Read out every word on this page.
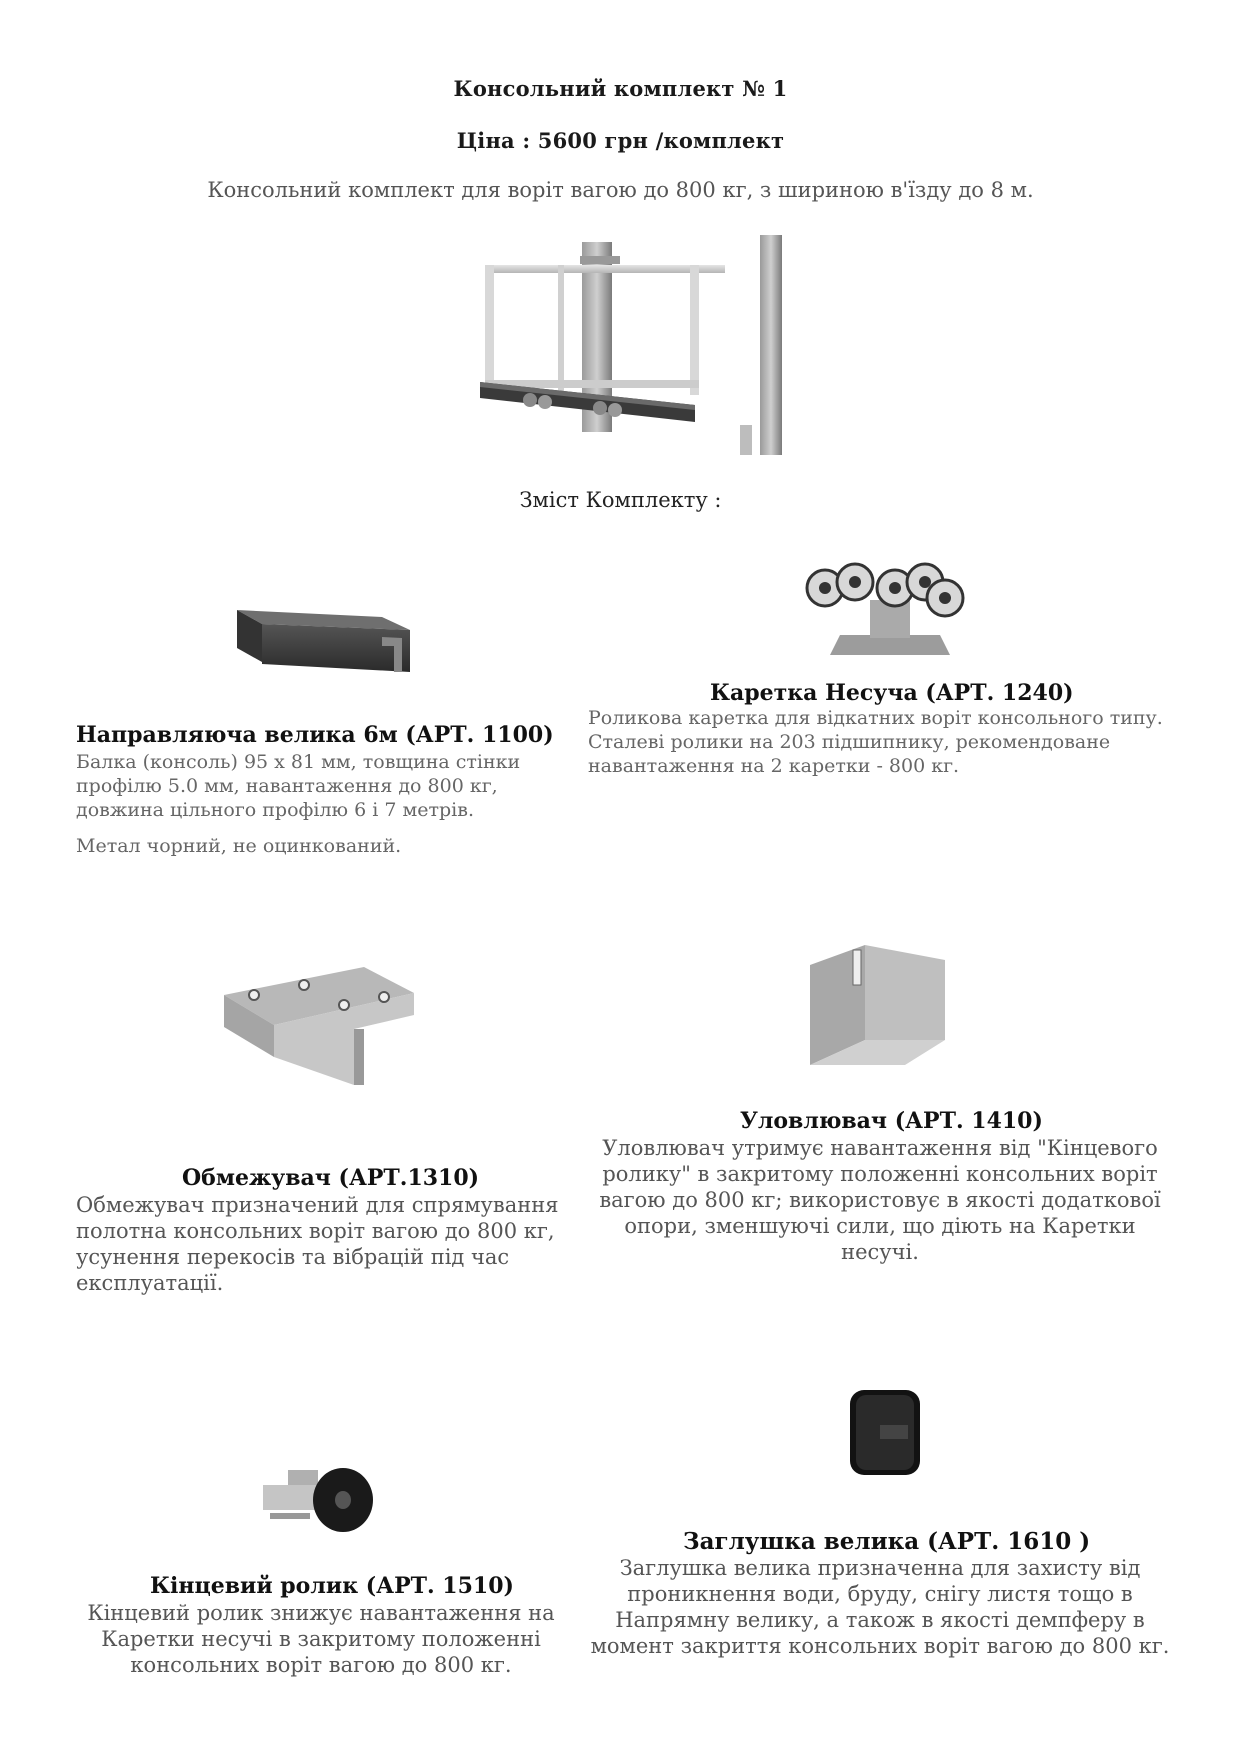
Консольний комплект № 1
Ціна : 5600 грн /комплект
Консольний комплект для воріт вагою до 800 кг, з шириною в'їзду до 8 м.
Зміст Комплекту :
Направляюча велика 6м (АРТ. 1100)
Балка (консоль) 95 х 81 мм, товщина стінки
профілю 5.0 мм, навантаження до 800 кг,
довжина цільного профілю 6 і 7 метрів.
Метал чорний, не оцинкований.
Каретка Несуча (АРТ. 1240)
Роликова каретка для відкатних воріт консольного типу.
Сталеві ролики на 203 підшипнику, рекомендоване
навантаження на 2 каретки - 800 кг.
Обмежувач (АРТ.1310)
Обмежувач призначений для спрямування
полотна консольних воріт вагою до 800 кг,
усунення перекосів та вібрацій під час
експлуатації.
Уловлювач (АРТ. 1410)
Уловлювач утримує навантаження від "Кінцевого
ролику" в закритому положенні консольних воріт
вагою до 800 кг; використовує в якості додаткової
опори, зменшуючі сили, що діють на Каретки несучі.
Кінцевий ролик (АРТ. 1510)
Кінцевий ролик знижує навантаження на
Каретки несучі в закритому положенні
консольних воріт вагою до 800 кг.
Заглушка велика (АРТ. 1610 )
Заглушка велика призначенна для захисту від
проникнення води, бруду, снігу листя тощо в
Напрямну велику, а також в якості демпферу в
момент закриття консольних воріт вагою до 800 кг.
